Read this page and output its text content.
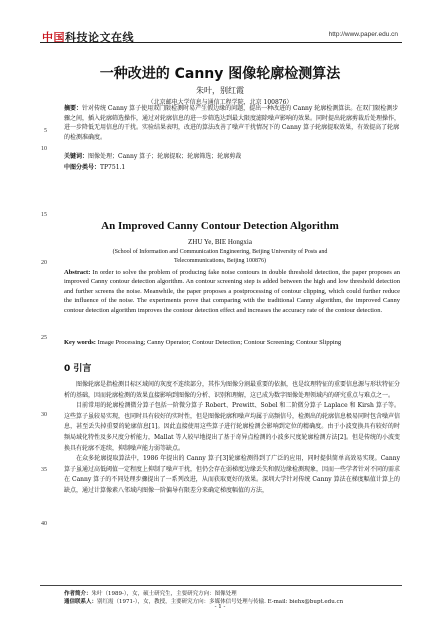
中国科技论文在线	http://www.paper.edu.cn
一种改进的 Canny 图像轮廓检测算法
朱叶，别红霞
（北京邮电大学信息与通信工程学院，北京 100876）
摘要：针对传统 Canny 算子使用双门限检测时易产生假边缘的问题，提出一种改进的 Canny 轮廓检测算法。在双门限检测步骤之间，插入轮廓筛选操作，通过对轮廓信息的进一步筛选达到最大限度滤除噪声影响的效果。同时提出轮廓剪裁后处理操作，进一步降低无用信息的干扰。实验结果表明，改进的算法改善了噪声干扰情况下的 Canny 算子轮廓提取效果，有效提高了轮廓的检测准确度。
关键词：图像处理；Canny 算子；轮廓提取；轮廓筛选；轮廓剪裁
中图分类号：TP751.1
An Improved Canny Contour Detection Algorithm
ZHU Ye, BIE Hongxia
(School of Information and Communication Engineering, Beijing University of Posts and
Telecommunications, Beijing 100876)
Abstract: In order to solve the problem of producing fake noise contours in double threshold detection, the paper proposes an improved Canny contour detection algorithm. An contour screening step is added between the high and low threshold detection and further screens the noise. Meanwhile, the paper proposes a postprocessing of contour clipping, which could further reduce the influence of the noise. The experiments prove that comparing with the traditional Canny algorithm, the improved Canny contour detection algorithm improves the contour detection effect and increases the accuracy rate of the contour detection.
Key words: Image Processing; Canny Operator; Contour Detection; Contour Screening; Contour Slipping
0 引言

图像轮廓是指检测目标区域间的灰度不连续部分，其作为图像分割最重要的依据，也是纹理特征的重要信息源与形状特征分析的基础，因而轮廓检测的效果直接影响到图像的分析、识别和理解，这已成为数字图像处理领域内的研究重点与难点之一。

目前常用的轮廓检测微分算子包括一阶微分算子 Robert、Prewitt、Sobel 和二阶微分算子 Laplace 和 Kirsh 算子等。这些算子虽较易实现，也同时具有较好的实时性，但是图像轮廓和噪声均属于高频信号，检测出的轮廓信息极易同时包含噪声信息，甚至丢失掉重要的轮廓信息[1]。因此直接使用这些算子进行轮廓检测会影响到定位的精确度。由于小波变换具有较好的时频局域化特性及多尺度分析能力，Mallat 等人较早地提出了基于奇异点检测的小波多尺度轮廓检测方法[2]。但是传统的小波变换具有轮廓不连续，抑制噪声能力弱等缺点。

在众多轮廓提取算法中，1986 年提出的 Canny 算子[3]轮廓检测得到了广泛的应用，同时提供简单高效易实现。Canny 算子虽通过高低阈值一定程度上抑制了噪声干扰，但仍会存在弱梯度边缘丢失和假边缘检测现象，因而一些学者针对不同的需求在 Canny 算子的不同处理步骤提出了一系列改进，从而获取更好的效果。深圳大学针对传统 Canny 算法在梯度幅值计算上的缺点，通过计算像素八邻域内图像一阶偏导有限差分来确定梯度幅值的方法，

5
10
15
20
25
30
35
40
作者简介：朱叶（1989-），女，硕士研究生，主要研究方向：图像处理
通信联系人：别红霞（1971-），女，教授，主要研究方向：多媒体信号处理与传输. E-mail: biehx@bupt.edu.cn
- 1 -
